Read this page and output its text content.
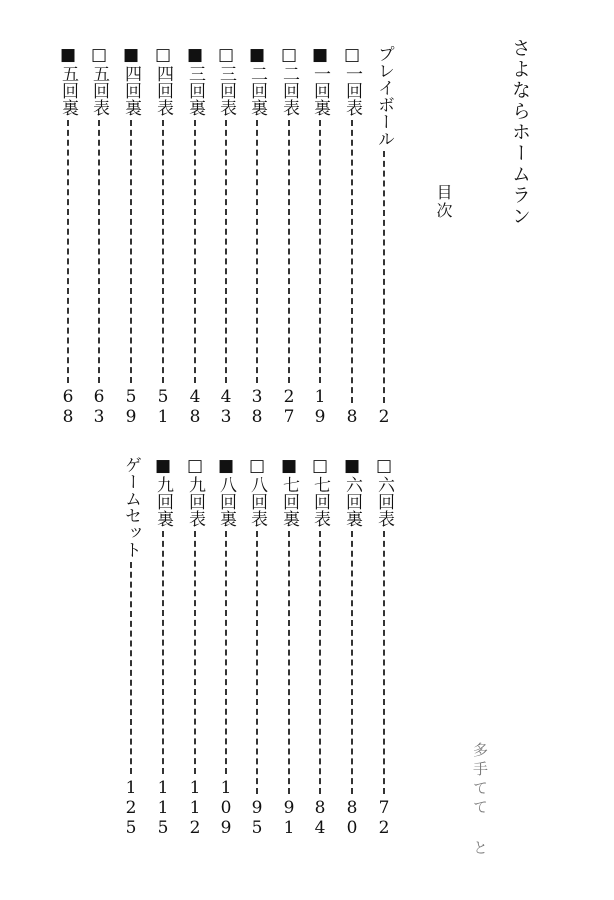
さよならホームラン
目次
多手てて と
プレイボール
2
□一回表
8
■一回裏
19
□二回表
27
■二回裏
38
□三回表
43
■三回裏
48
□四回表
51
■四回裏
59
□五回表
63
■五回裏
68
□六回表
72
■六回裏
80
□七回表
84
■七回裏
91
□八回表
95
■八回裏
109
□九回表
112
■九回裏
115
ゲームセット
125
